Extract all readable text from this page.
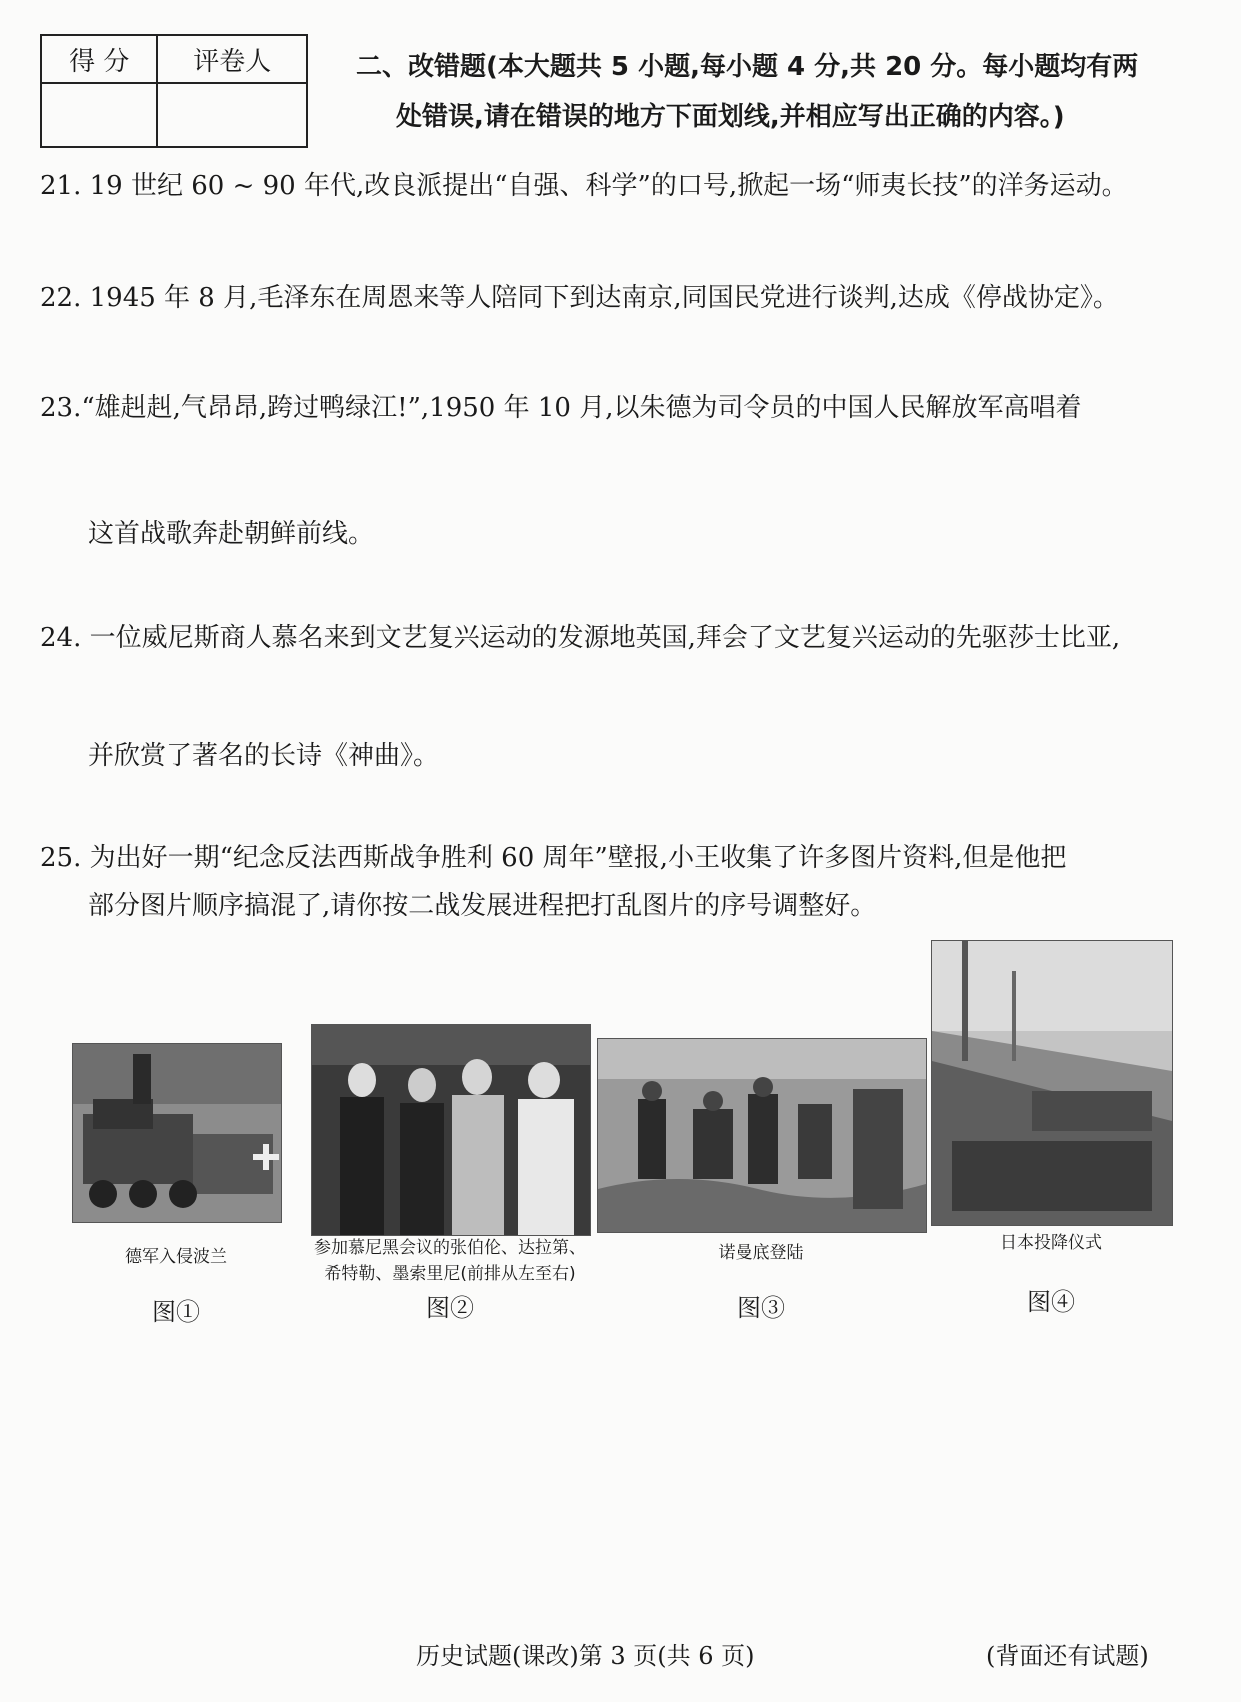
得 分	评卷人
		二、改错题(本大题共 5 小题,每小题 4 分,共 20 分。每小题均有两
处错误,请在错误的地方下面划线,并相应写出正确的内容。)
21. 19 世纪 60 ~ 90 年代,改良派提出“自强、科学”的口号,掀起一场“师夷长技”的洋务运动。
22. 1945 年 8 月,毛泽东在周恩来等人陪同下到达南京,同国民党进行谈判,达成《停战协定》。
23.“雄赳赳,气昂昂,跨过鸭绿江!”,1950 年 10 月,以朱德为司令员的中国人民解放军高唱着
这首战歌奔赴朝鲜前线。
24. 一位威尼斯商人慕名来到文艺复兴运动的发源地英国,拜会了文艺复兴运动的先驱莎士比亚,
并欣赏了著名的长诗《神曲》。
25. 为出好一期“纪念反法西斯战争胜利 60 周年”壁报,小王收集了许多图片资料,但是他把
部分图片顺序搞混了,请你按二战发展进程把打乱图片的序号调整好。
德军入侵波兰
图①
参加慕尼黑会议的张伯伦、达拉第、
希特勒、墨索里尼(前排从左至右)
图②
诺曼底登陆
图③
日本投降仪式
图④
历史试题(课改)第 3 页(共 6 页)	(背面还有试题)
